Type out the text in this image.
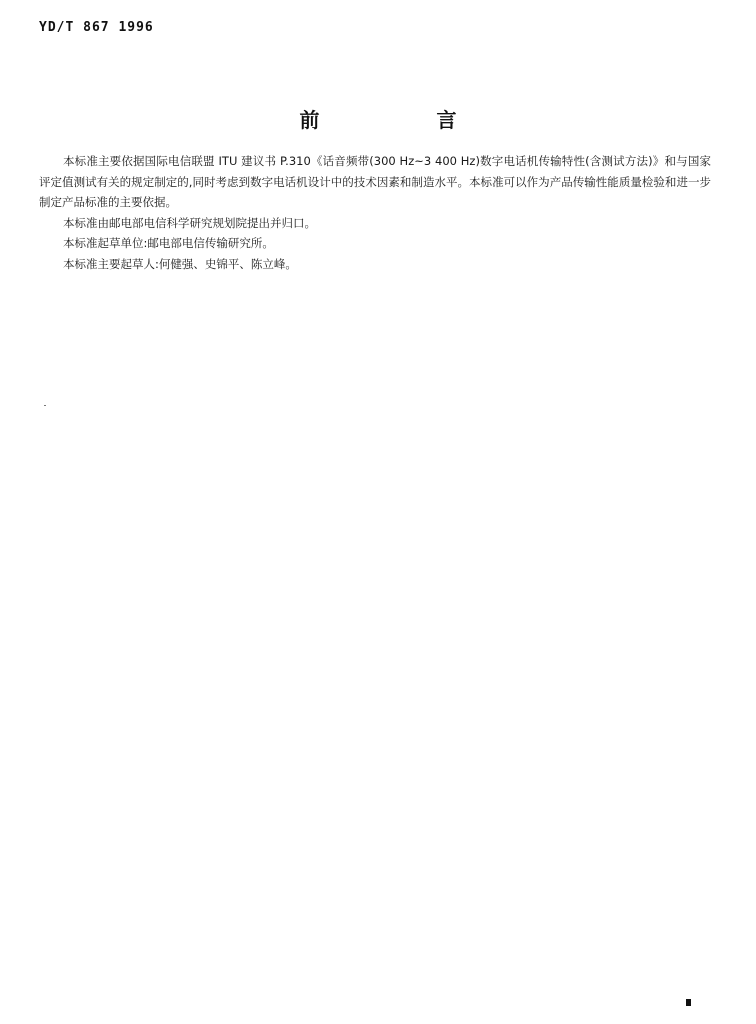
YD/T 867 1996
前 言

本标准主要依据国际电信联盟 ITU 建议书 P.310《话音频带(300 Hz~3 400 Hz)数字电话机传输特性(含测试方法)》和与国家评定值测试有关的规定制定的,同时考虑到数字电话机设计中的技术因素和制造水平。本标准可以作为产品传输性能质量检验和进一步制定产品标准的主要依据。

本标准由邮电部电信科学研究规划院提出并归口。

本标准起草单位:邮电部电信传输研究所。

本标准主要起草人:何健强、史锦平、陈立峰。
